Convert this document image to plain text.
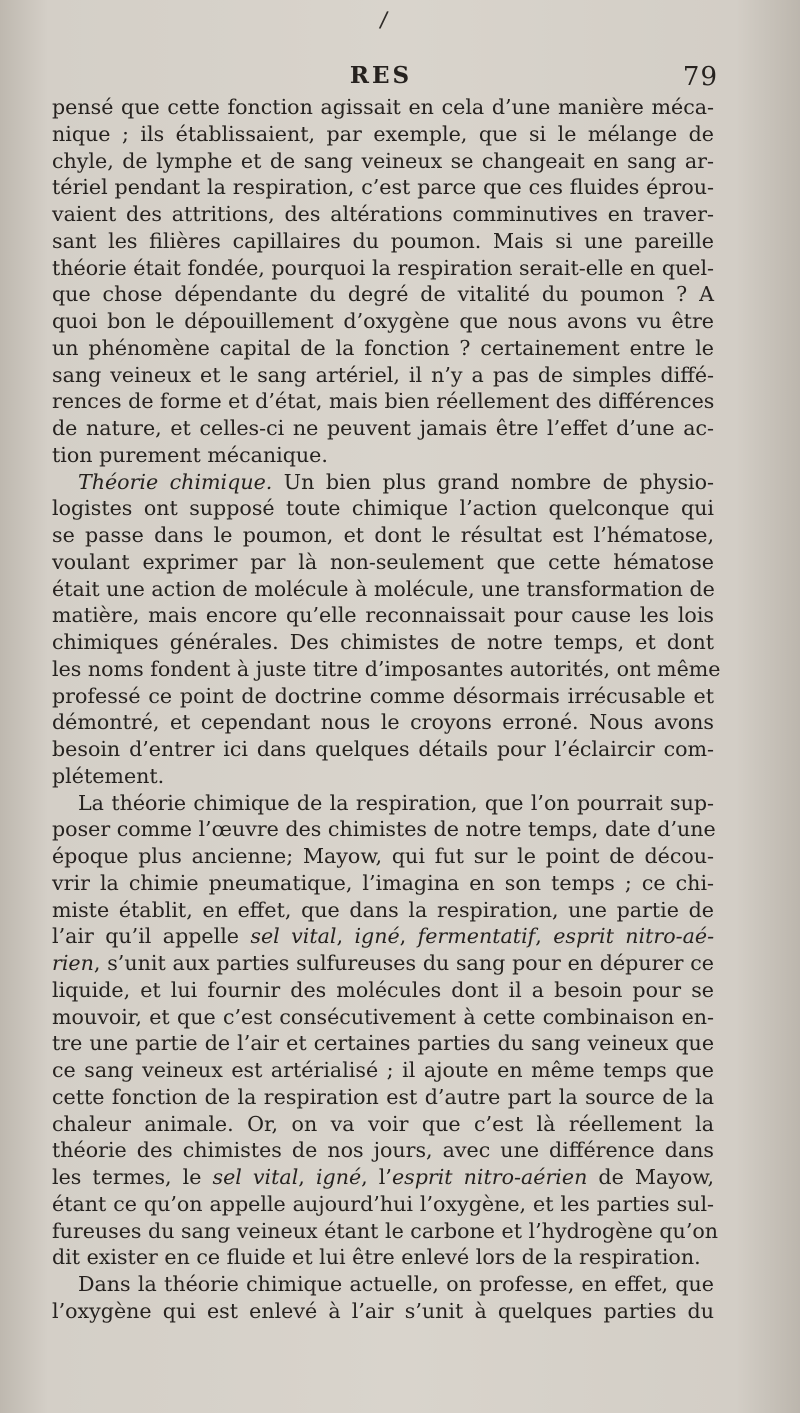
/
RES	79
pensé que cette fonction agissait en cela d’une manière méca-
nique ; ils établissaient, par exemple, que si le mélange de
chyle, de lymphe et de sang veineux se changeait en sang ar-
tériel pendant la respiration, c’est parce que ces fluides éprou-
vaient des attritions, des altérations comminutives en traver-
sant les filières capillaires du poumon. Mais si une pareille
théorie était fondée, pourquoi la respiration serait-elle en quel-
que chose dépendante du degré de vitalité du poumon ? A
quoi bon le dépouillement d’oxygène que nous avons vu être
un phénomène capital de la fonction ? certainement entre le
sang veineux et le sang artériel, il n’y a pas de simples diffé-
rences de forme et d’état, mais bien réellement des différences
de nature, et celles-ci ne peuvent jamais être l’effet d’une ac-
tion purement mécanique.
Théorie chimique. Un bien plus grand nombre de physio-
logistes ont supposé toute chimique l’action quelconque qui
se passe dans le poumon, et dont le résultat est l’hématose,
voulant exprimer par là non-seulement que cette hématose
était une action de molécule à molécule, une transformation de
matière, mais encore qu’elle reconnaissait pour cause les lois
chimiques générales. Des chimistes de notre temps, et dont
les noms fondent à juste titre d’imposantes autorités, ont même
professé ce point de doctrine comme désormais irrécusable et
démontré, et cependant nous le croyons erroné. Nous avons
besoin d’entrer ici dans quelques détails pour l’éclaircir com-
plétement.
La théorie chimique de la respiration, que l’on pourrait sup-
poser comme l’œuvre des chimistes de notre temps, date d’une
époque plus ancienne; Mayow, qui fut sur le point de décou-
vrir la chimie pneumatique, l’imagina en son temps ; ce chi-
miste établit, en effet, que dans la respiration, une partie de
l’air qu’il appelle sel vital, igné, fermentatif, esprit nitro-aé-
rien, s’unit aux parties sulfureuses du sang pour en dépurer ce
liquide, et lui fournir des molécules dont il a besoin pour se
mouvoir, et que c’est consécutivement à cette combinaison en-
tre une partie de l’air et certaines parties du sang veineux que
ce sang veineux est artérialisé ; il ajoute en même temps que
cette fonction de la respiration est d’autre part la source de la
chaleur animale. Or, on va voir que c’est là réellement la
théorie des chimistes de nos jours, avec une différence dans
les termes, le sel vital, igné, l’esprit nitro-aérien de Mayow,
étant ce qu’on appelle aujourd’hui l’oxygène, et les parties sul-
fureuses du sang veineux étant le carbone et l’hydrogène qu’on
dit exister en ce fluide et lui être enlevé lors de la respiration.
Dans la théorie chimique actuelle, on professe, en effet, que
l’oxygène qui est enlevé à l’air s’unit à quelques parties du
